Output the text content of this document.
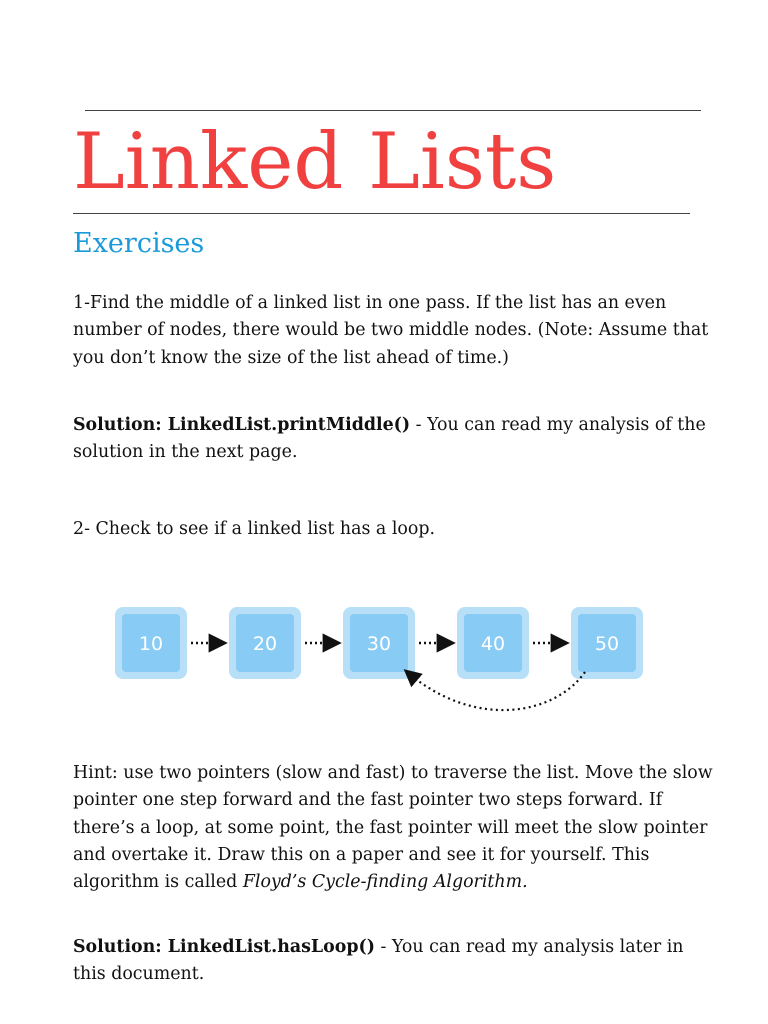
Linked Lists
Exercises

1-Find the middle of a linked list in one pass. If the list has an even number of nodes, there would be two middle nodes. (Note: Assume that you don’t know the size of the list ahead of time.)

Solution: LinkedList.printMiddle() - You can read my analysis of the solution in the next page.

2- Check to see if a linked list has a loop.

10	20	30	40	50

Hint: use two pointers (slow and fast) to traverse the list. Move the slow pointer one step forward and the fast pointer two steps forward. If there’s a loop, at some point, the fast pointer will meet the slow pointer and overtake it. Draw this on a paper and see it for yourself. This algorithm is called Floyd’s Cycle-finding Algorithm.

Solution: LinkedList.hasLoop() - You can read my analysis later in this document.
